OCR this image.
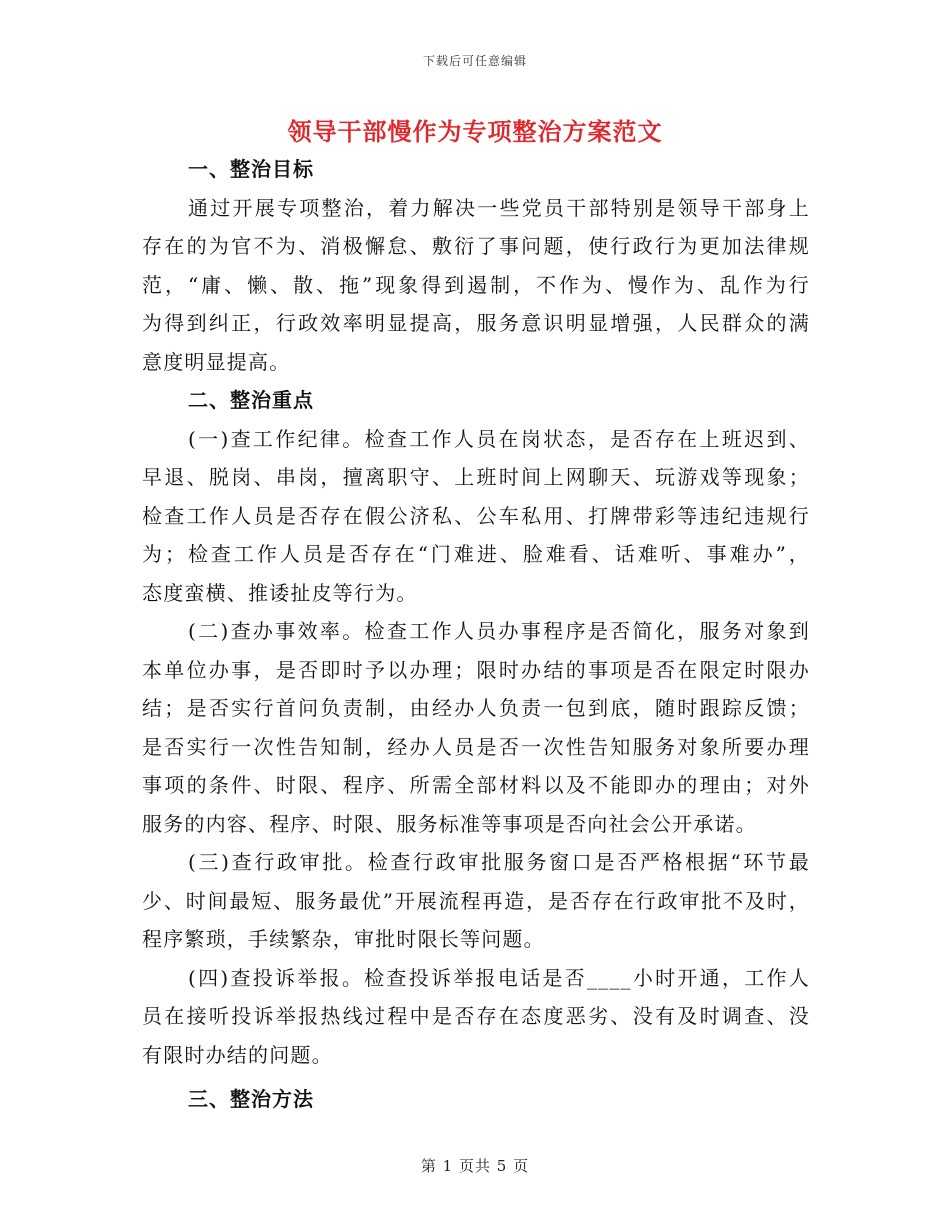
下载后可任意编辑
领导干部慢作为专项整治方案范文
一、整治目标
通过开展专项整治，着力解决一些党员干部特别是领导干部身上
存在的为官不为、消极懈怠、敷衍了事问题，使行政行为更加法律规
范，“庸、懒、散、拖”现象得到遏制，不作为、慢作为、乱作为行
为得到纠正，行政效率明显提高，服务意识明显增强，人民群众的满
意度明显提高。
二、整治重点
(一)查工作纪律。检查工作人员在岗状态，是否存在上班迟到、
早退、脱岗、串岗，擅离职守、上班时间上网聊天、玩游戏等现象；
检查工作人员是否存在假公济私、公车私用、打牌带彩等违纪违规行
为；检查工作人员是否存在“门难进、脸难看、话难听、事难办”，
态度蛮横、推诿扯皮等行为。
(二)查办事效率。检查工作人员办事程序是否简化，服务对象到
本单位办事，是否即时予以办理；限时办结的事项是否在限定时限办
结；是否实行首问负责制，由经办人负责一包到底，随时跟踪反馈；
是否实行一次性告知制，经办人员是否一次性告知服务对象所要办理
事项的条件、时限、程序、所需全部材料以及不能即办的理由；对外
服务的内容、程序、时限、服务标准等事项是否向社会公开承诺。
(三)查行政审批。检查行政审批服务窗口是否严格根据“环节最
少、时间最短、服务最优”开展流程再造，是否存在行政审批不及时，
程序繁琐，手续繁杂，审批时限长等问题。
(四)查投诉举报。检查投诉举报电话是否____小时开通，工作人
员在接听投诉举报热线过程中是否存在态度恶劣、没有及时调查、没
有限时办结的问题。
三、整治方法
第 1 页共 5 页
